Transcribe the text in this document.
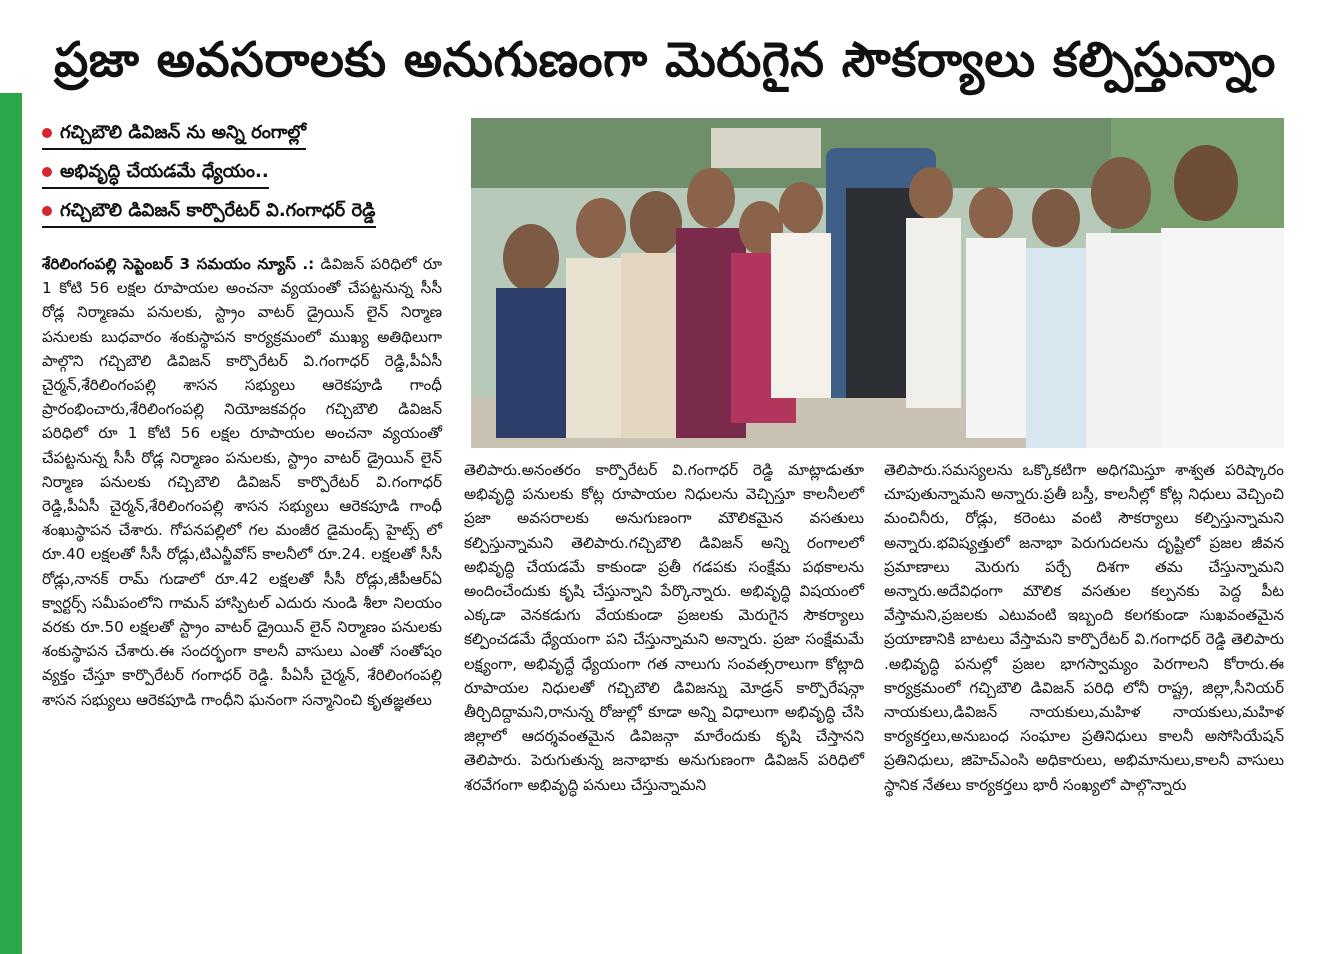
ప్రజా అవసరాలకు అనుగుణంగా మెరుగైన సౌకర్యాలు కల్పిస్తున్నాం
గచ్చిబౌలి డివిజన్ ను అన్ని రంగాల్లో
అభివృద్ధి చేయడమే ధ్యేయం..
గచ్చిబౌలి డివిజన్ కార్పొరేటర్ వి.గంగాధర్ రెడ్డి
శేరిలింగంపల్లి సెప్టెంబర్ 3 సమయం న్యూస్ .: డివిజన్ పరిధిలో రూ 1 కోటి 56 లక్షల రూపాయల అంచనా వ్యయంతో చేపట్టనున్న సీసీ రోడ్ల నిర్మాణమ పనులకు, స్ట్రాం వాటర్ డ్రైయిన్ లైన్ నిర్మాణ పనులకు బుధవారం శంకుస్థాపన కార్యక్రమంలో ముఖ్య అతిథిలుగా పాల్గొని గచ్చిబౌలి డివిజన్ కార్పొరేటర్ వి.గంగాధర్ రెడ్డి,పీఏసీ చైర్మన్,శేరిలింగంపల్లి శాసన సభ్యులు ఆరెకపూడి గాంధీ ప్రారంభించారు,శేరిలింగంపల్లి నియోజకవర్గం గచ్చిబౌలి డివిజన్ పరిధిలో రూ 1 కోటి 56 లక్షల రూపాయల అంచనా వ్యయంతో చేపట్టనున్న సీసీ రోడ్ల నిర్మాణం పనులకు, స్ట్రాం వాటర్ డ్రైయిన్ లైన్ నిర్మాణ పనులకు గచ్చిబౌలి డివిజన్ కార్పొరేటర్ వి.గంగాధర్ రెడ్డి,పీఏసీ చైర్మన్,శేరిలింగంపల్లి శాసన సభ్యులు ఆరెకపూడి గాంధీ శంఖుస్థాపన చేశారు. గోపనపల్లిలో గల మంజీర డైమండ్స్ హైట్స్ లో రూ.40 లక్షలతో సీసీ రోడ్లు,టిఎన్జీవోస్ కాలనీలో రూ.24. లక్షలతో సీసీ రోడ్లు,నానక్ రామ్ గుడాలో రూ.42 లక్షలతో సీసీ రోడ్లు,జీపీఆర్ఏ క్వార్టర్స్ సమీపంలోని గామన్ హాస్పిటల్ ఎదురు నుండి శీలా నిలయం వరకు రూ.50 లక్షలతో స్ట్రాం వాటర్ డ్రైయిన్ లైన్ నిర్మాణం పనులకు శంకుస్థాపన చేశారు.ఈ సందర్భంగా కాలనీ వాసులు ఎంతో సంతోషం వ్యక్తం చేస్తూ కార్పొరేటర్ గంగాధర్ రెడ్డి. పీఏసీ చైర్మన్, శేరిలింగంపల్లి శాసన సభ్యులు ఆరెకపూడి గాంధీని ఘనంగా సన్మానించి కృతజ్ఞతలు
తెలిపారు.అనంతరం కార్పొరేటర్ వి.గంగాధర్ రెడ్డి మాట్లాడుతూ అభివృద్ధి పనులకు కోట్ల రూపాయల నిధులను వెచ్చిస్తూ కాలనీలలో ప్రజా అవసరాలకు అనుగుణంగా మౌలికమైన వసతులు కల్పిస్తున్నామని తెలిపారు.గచ్చిబౌలి డివిజన్ అన్ని రంగాలలో అభివృద్ధి చేయడమే కాకుండా ప్రతీ గడపకు సంక్షేమ పథకాలను అందించేందుకు కృషి చేస్తున్నాని పేర్కొన్నారు. అభివృద్ధి విషయంలో ఎక్కడా వెనకడుగు వేయకుండా ప్రజలకు మెరుగైన సౌకర్యాలు కల్పించడమే ధ్యేయంగా పని చేస్తున్నామని అన్నారు. ప్రజా సంక్షేమమే లక్ష్యంగా, అభివృద్ధే ధ్యేయంగా గత నాలుగు సంవత్సరాలుగా కోట్లాది రూపాయల నిధులతో గచ్చిబౌలి డివిజన్ను మోడ్రన్ కార్పొరేషన్గా తీర్చిదిద్దామని,రానున్న రోజుల్లో కూడా అన్ని విధాలుగా అభివృద్ధి చేసి జిల్లాలో ఆదర్శవంతమైన డివిజన్గా మారేందుకు కృషి చేస్తానని తెలిపారు. పెరుగుతున్న జనాభాకు అనుగుణంగా డివిజన్ పరిధిలో శరవేగంగా అభివృద్ధి పనులు చేస్తున్నామని
తెలిపారు.సమస్యలను ఒక్కొకటిగా అధిగమిస్తూ శాశ్వత పరిష్కారం చూపుతున్నామని అన్నారు.ప్రతీ బస్తీ, కాలనీల్లో కోట్ల నిధులు వెచ్చించి మంచినీరు, రోడ్లు, కరెంటు వంటి సౌకర్యాలు కల్పిస్తున్నామని అన్నారు.భవిష్యత్తులో జనాభా పెరుగుదలను దృష్టిలో ప్రజల జీవన ప్రమాణాలు మెరుగు పర్చే దిశగా తమ చేస్తున్నామని అన్నారు.అదేవిధంగా మౌలిక వసతుల కల్పనకు పెద్ద పీట వేస్తామని,ప్రజలకు ఎటువంటి ఇబ్బంది కలగకుండా సుఖవంతమైన ప్రయాణానికి బాటలు వేస్తామని కార్పొరేటర్ వి.గంగాధర్ రెడ్డి తెలిపారు .అభివృద్ధి పనుల్లో ప్రజల భాగస్వామ్యం పెరగాలని కోరారు.ఈ కార్యక్రమంలో గచ్చిబౌలి డివిజన్ పరిధి లోనీ రాష్ట్ర, జిల్లా,సీనియర్ నాయకులు,డివిజన్ నాయకులు,మహిళ నాయకులు,మహిళ కార్యకర్తలు,అనుబంధ సంఘాల ప్రతినిధులు కాలనీ అసోసియేషన్ ప్రతినిధులు, జిహెచ్ఎంసి అధికారులు, అభిమానులు,కాలనీ వాసులు స్థానిక నేతలు కార్యకర్తలు భారీ సంఖ్యలో పాల్గొన్నారు
